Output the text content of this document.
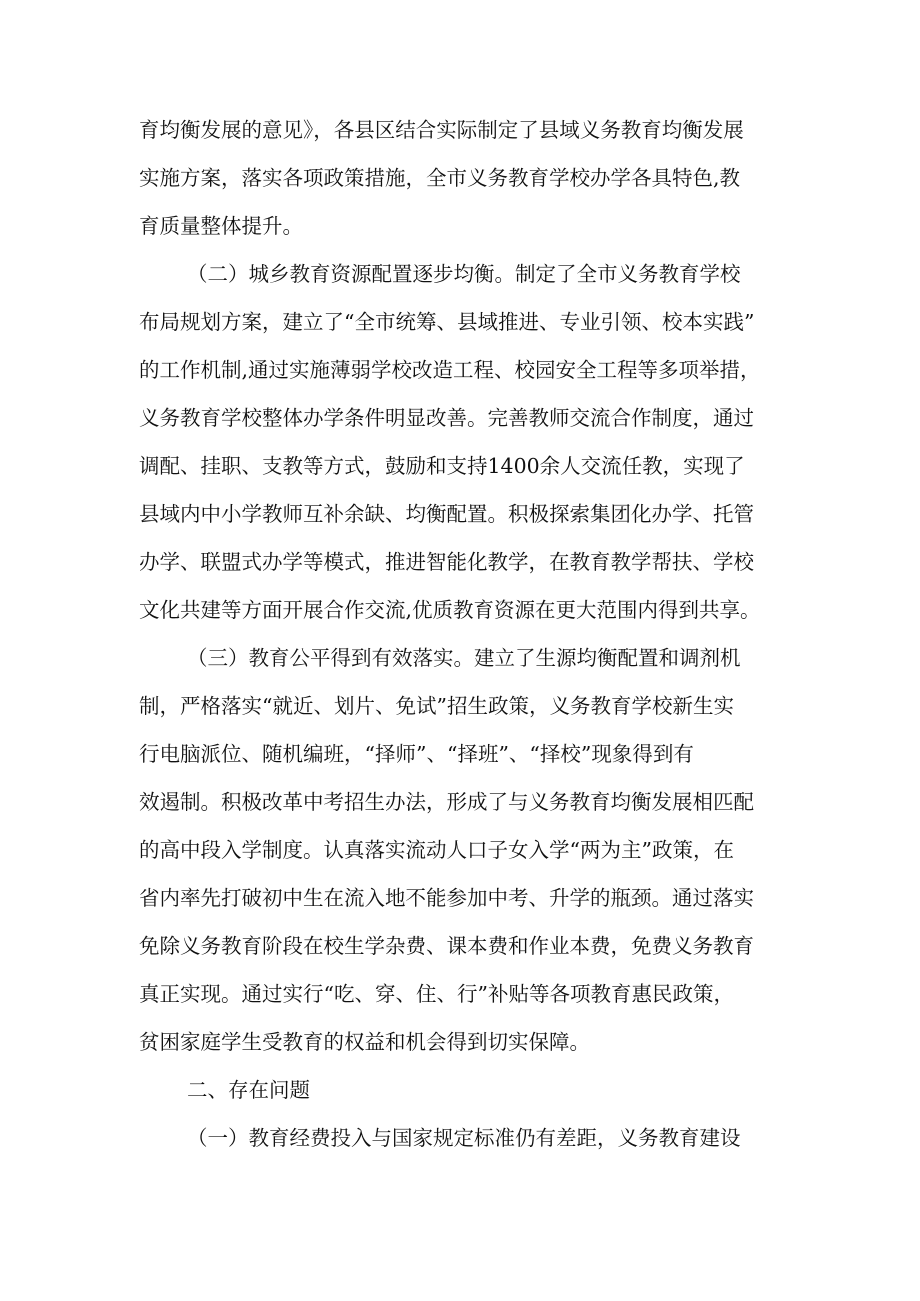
育均衡发展的意见》，各县区结合实际制定了县域义务教育均衡发展
实施方案，落实各项政策措施，全市义务教育学校办学各具特色,教
育质量整体提升。
（二）城乡教育资源配置逐步均衡。制定了全市义务教育学校
布局规划方案，建立了“全市统筹、县域推进、专业引领、校本实践”
的工作机制,通过实施薄弱学校改造工程、校园安全工程等多项举措，
义务教育学校整体办学条件明显改善。完善教师交流合作制度，通过
调配、挂职、支教等方式，鼓励和支持1400余人交流任教，实现了
县域内中小学教师互补余缺、均衡配置。积极探索集团化办学、托管
办学、联盟式办学等模式，推进智能化教学，在教育教学帮扶、学校
文化共建等方面开展合作交流,优质教育资源在更大范围内得到共享。
（三）教育公平得到有效落实。建立了生源均衡配置和调剂机
制，严格落实“就近、划片、免试”招生政策，义务教育学校新生实
行电脑派位、随机编班，“择师”、“择班”、“择校”现象得到有
效遏制。积极改革中考招生办法，形成了与义务教育均衡发展相匹配
的高中段入学制度。认真落实流动人口子女入学“两为主”政策，在
省内率先打破初中生在流入地不能参加中考、升学的瓶颈。通过落实
免除义务教育阶段在校生学杂费、课本费和作业本费，免费义务教育
真正实现。通过实行“吃、穿、住、行”补贴等各项教育惠民政策，
贫困家庭学生受教育的权益和机会得到切实保障。
二、存在问题
（一）教育经费投入与国家规定标准仍有差距，义务教育建设
